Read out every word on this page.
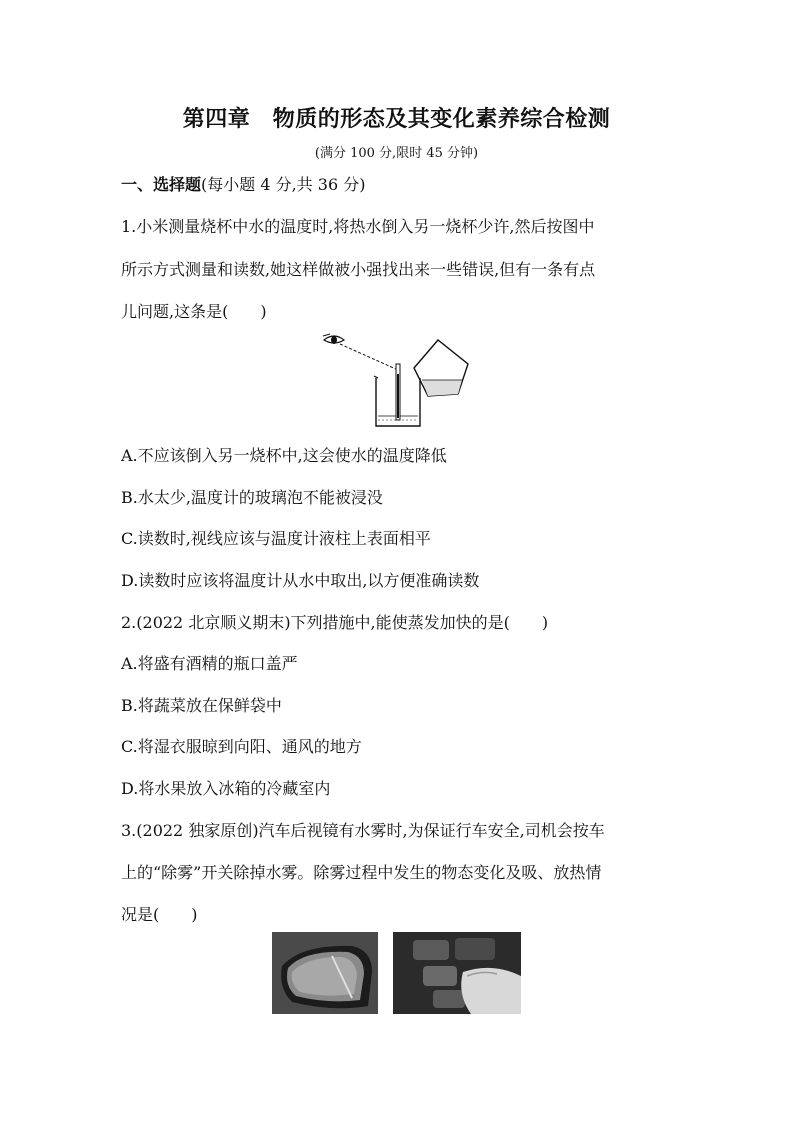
第四章　物质的形态及其变化素养综合检测
(满分 100 分,限时 45 分钟)
一、选择题(每小题 4 分,共 36 分)
1.小米测量烧杯中水的温度时,将热水倒入另一烧杯少许,然后按图中
所示方式测量和读数,她这样做被小强找出来一些错误,但有一条有点
儿问题,这条是(　　)
A.不应该倒入另一烧杯中,这会使水的温度降低
B.水太少,温度计的玻璃泡不能被浸没
C.读数时,视线应该与温度计液柱上表面相平
D.读数时应该将温度计从水中取出,以方便准确读数
2.(2022 北京顺义期末)下列措施中,能使蒸发加快的是(　　)
A.将盛有酒精的瓶口盖严
B.将蔬菜放在保鲜袋中
C.将湿衣服晾到向阳、通风的地方
D.将水果放入冰箱的冷藏室内
3.(2022 独家原创)汽车后视镜有水雾时,为保证行车安全,司机会按车
上的“除雾”开关除掉水雾。除雾过程中发生的物态变化及吸、放热情
况是(　　)
